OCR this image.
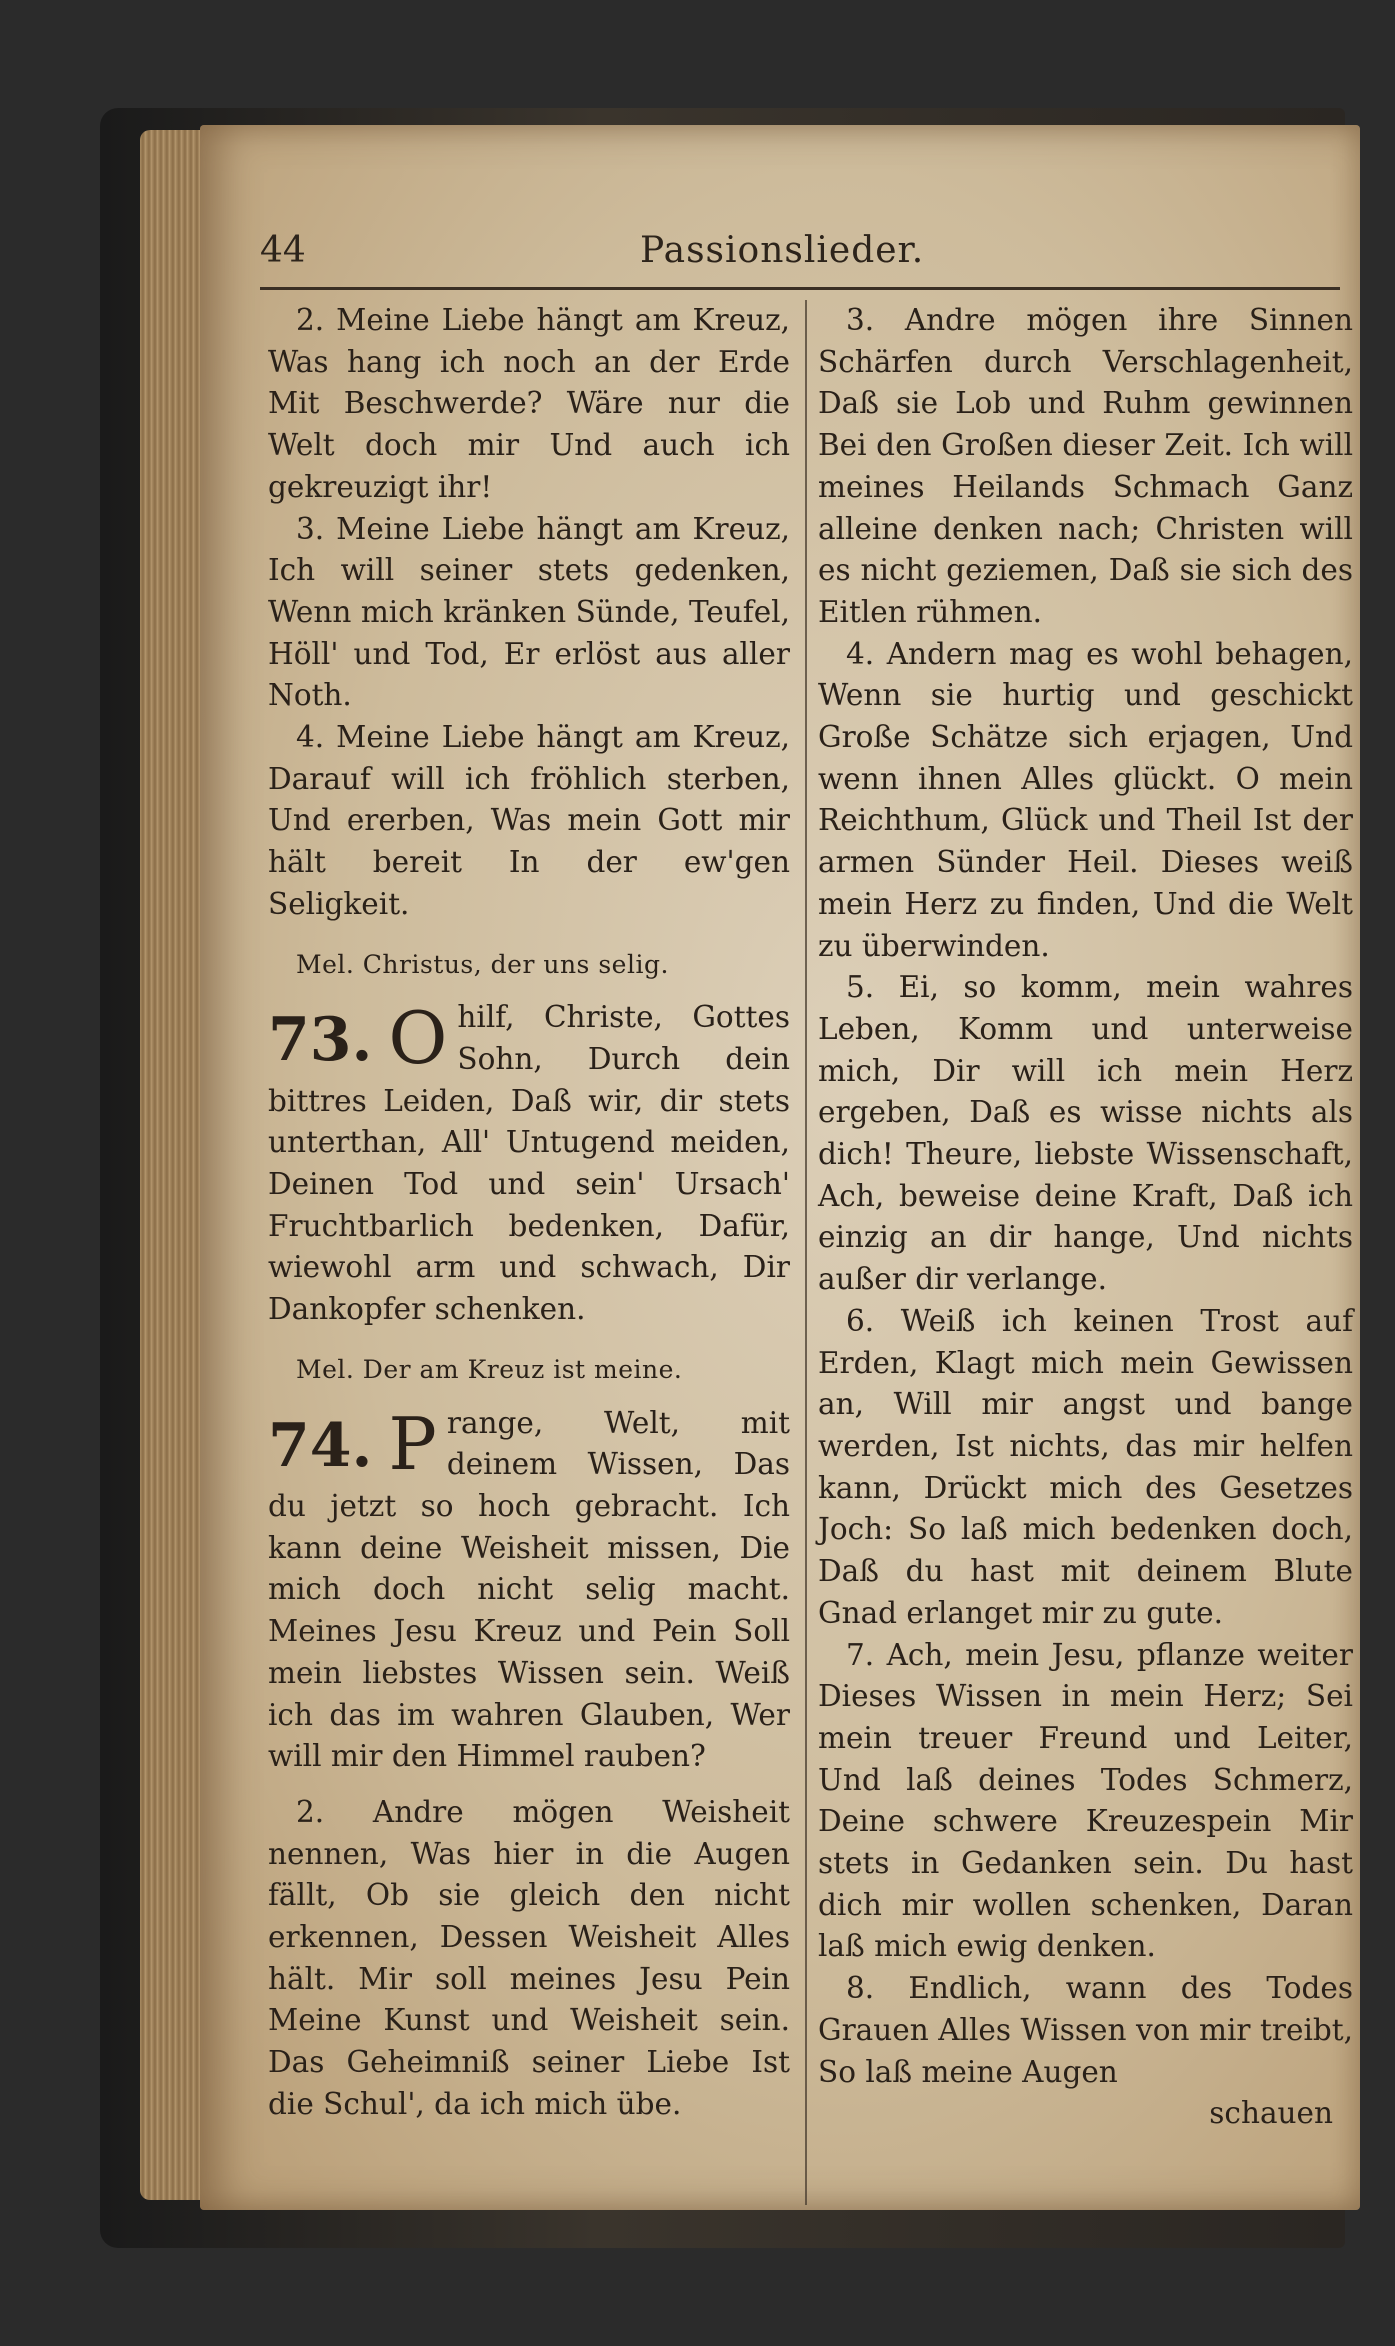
44	Passionslieder.

2. Meine Liebe hängt am Kreuz, Was hang ich noch an der Erde Mit Beschwerde? Wäre nur die Welt doch mir Und auch ich gekreuzigt ihr!

3. Meine Liebe hängt am Kreuz, Ich will seiner stets gedenken, Wenn mich kränken Sünde, Teufel, Höll' und Tod, Er erlöst aus aller Noth.

4. Meine Liebe hängt am Kreuz, Darauf will ich fröhlich sterben, Und ererben, Was mein Gott mir hält bereit In der ew'gen Seligkeit.

Mel. Christus, der uns selig.

73. O hilf, Christe, Gottes Sohn, Durch dein bittres Leiden, Daß wir, dir stets unterthan, All' Untugend meiden, Deinen Tod und sein' Ursach' Fruchtbarlich bedenken, Dafür, wiewohl arm und schwach, Dir Dankopfer schenken.

Mel. Der am Kreuz ist meine.

74. P range, Welt, mit deinem Wissen, Das du jetzt so hoch gebracht. Ich kann deine Weisheit missen, Die mich doch nicht selig macht. Meines Jesu Kreuz und Pein Soll mein liebstes Wissen sein. Weiß ich das im wahren Glauben, Wer will mir den Himmel rauben?

2. Andre mögen Weisheit nennen, Was hier in die Augen fällt, Ob sie gleich den nicht erkennen, Dessen Weisheit Alles hält. Mir soll meines Jesu Pein Meine Kunst und Weisheit sein. Das Geheimniß seiner Liebe Ist die Schul', da ich mich übe.

3. Andre mögen ihre Sinnen Schärfen durch Verschlagenheit, Daß sie Lob und Ruhm gewinnen Bei den Großen dieser Zeit. Ich will meines Heilands Schmach Ganz alleine denken nach; Christen will es nicht geziemen, Daß sie sich des Eitlen rühmen.

4. Andern mag es wohl behagen, Wenn sie hurtig und geschickt Große Schätze sich erjagen, Und wenn ihnen Alles glückt. O mein Reichthum, Glück und Theil Ist der armen Sünder Heil. Dieses weiß mein Herz zu finden, Und die Welt zu überwinden.

5. Ei, so komm, mein wahres Leben, Komm und unterweise mich, Dir will ich mein Herz ergeben, Daß es wisse nichts als dich! Theure, liebste Wissenschaft, Ach, beweise deine Kraft, Daß ich einzig an dir hange, Und nichts außer dir verlange.

6. Weiß ich keinen Trost auf Erden, Klagt mich mein Gewissen an, Will mir angst und bange werden, Ist nichts, das mir helfen kann, Drückt mich des Gesetzes Joch: So laß mich bedenken doch, Daß du hast mit deinem Blute Gnad erlanget mir zu gute.

7. Ach, mein Jesu, pflanze weiter Dieses Wissen in mein Herz; Sei mein treuer Freund und Leiter, Und laß deines Todes Schmerz, Deine schwere Kreuzespein Mir stets in Gedanken sein. Du hast dich mir wollen schenken, Daran laß mich ewig denken.

8. Endlich, wann des Todes Grauen Alles Wissen von mir treibt, So laß meine Augen

schauen
